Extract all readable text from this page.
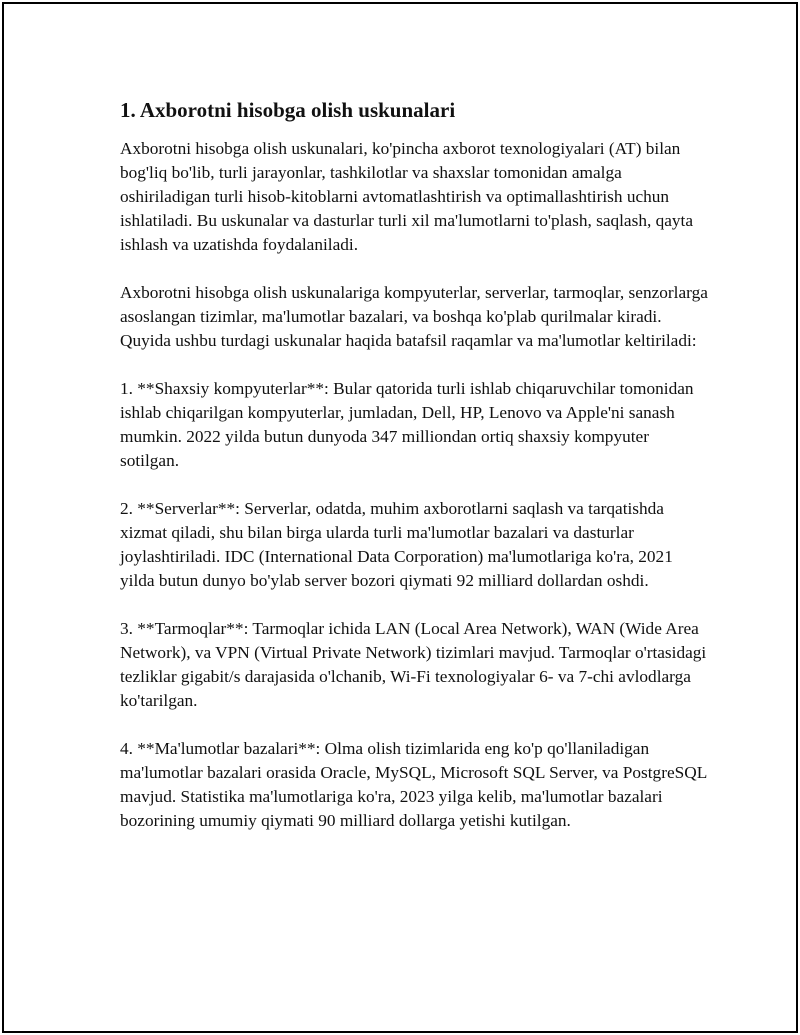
1. Axborotni hisobga olish uskunalari

Axborotni hisobga olish uskunalari, ko'pincha axborot texnologiyalari (AT) bilan bog'liq bo'lib, turli jarayonlar, tashkilotlar va shaxslar tomonidan amalga oshiriladigan turli hisob-kitoblarni avtomatlashtirish va optimallashtirish uchun ishlatiladi. Bu uskunalar va dasturlar turli xil ma'lumotlarni to'plash, saqlash, qayta ishlash va uzatishda foydalaniladi.

Axborotni hisobga olish uskunalariga kompyuterlar, serverlar, tarmoqlar, senzorlarga asoslangan tizimlar, ma'lumotlar bazalari, va boshqa ko'plab qurilmalar kiradi. Quyida ushbu turdagi uskunalar haqida batafsil raqamlar va ma'lumotlar keltiriladi:

1. **Shaxsiy kompyuterlar**: Bular qatorida turli ishlab chiqaruvchilar tomonidan ishlab chiqarilgan kompyuterlar, jumladan, Dell, HP, Lenovo va Apple'ni sanash mumkin. 2022 yilda butun dunyoda 347 milliondan ortiq shaxsiy kompyuter sotilgan.

2. **Serverlar**: Serverlar, odatda, muhim axborotlarni saqlash va tarqatishda xizmat qiladi, shu bilan birga ularda turli ma'lumotlar bazalari va dasturlar joylashtiriladi. IDC (International Data Corporation) ma'lumotlariga ko'ra, 2021 yilda butun dunyo bo'ylab server bozori qiymati 92 milliard dollardan oshdi.

3. **Tarmoqlar**: Tarmoqlar ichida LAN (Local Area Network), WAN (Wide Area Network), va VPN (Virtual Private Network) tizimlari mavjud. Tarmoqlar o'rtasidagi tezliklar gigabit/s darajasida o'lchanib, Wi-Fi texnologiyalar 6- va 7-chi avlodlarga ko'tarilgan.

4. **Ma'lumotlar bazalari**: Olma olish tizimlarida eng ko'p qo'llaniladigan ma'lumotlar bazalari orasida Oracle, MySQL, Microsoft SQL Server, va PostgreSQL mavjud. Statistika ma'lumotlariga ko'ra, 2023 yilga kelib, ma'lumotlar bazalari bozorining umumiy qiymati 90 milliard dollarga yetishi kutilgan.
